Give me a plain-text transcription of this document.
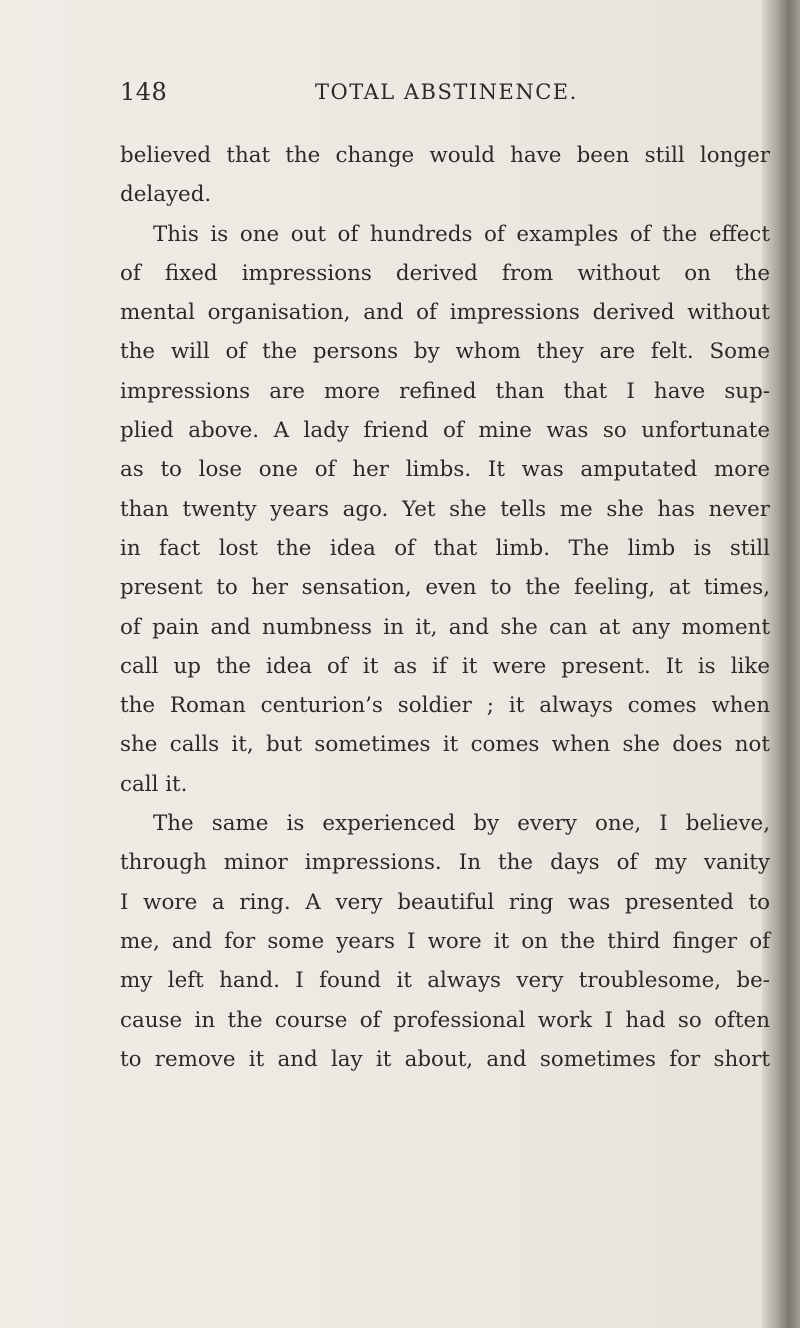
148	TOTAL ABSTINENCE.
believed that the change would have been still longer
delayed.
This is one out of hundreds of examples of the effect
of fixed impressions derived from without on the
mental organisation, and of impressions derived without
the will of the persons by whom they are felt. Some
impressions are more refined than that I have sup-
plied above. A lady friend of mine was so unfortunate
as to lose one of her limbs. It was amputated more
than twenty years ago. Yet she tells me she has never
in fact lost the idea of that limb. The limb is still
present to her sensation, even to the feeling, at times,
of pain and numbness in it, and she can at any moment
call up the idea of it as if it were present. It is like
the Roman centurion’s soldier ; it always comes when
she calls it, but sometimes it comes when she does not
call it.
The same is experienced by every one, I believe,
through minor impressions. In the days of my vanity
I wore a ring. A very beautiful ring was presented to
me, and for some years I wore it on the third finger of
my left hand. I found it always very troublesome, be-
cause in the course of professional work I had so often
to remove it and lay it about, and sometimes for short
